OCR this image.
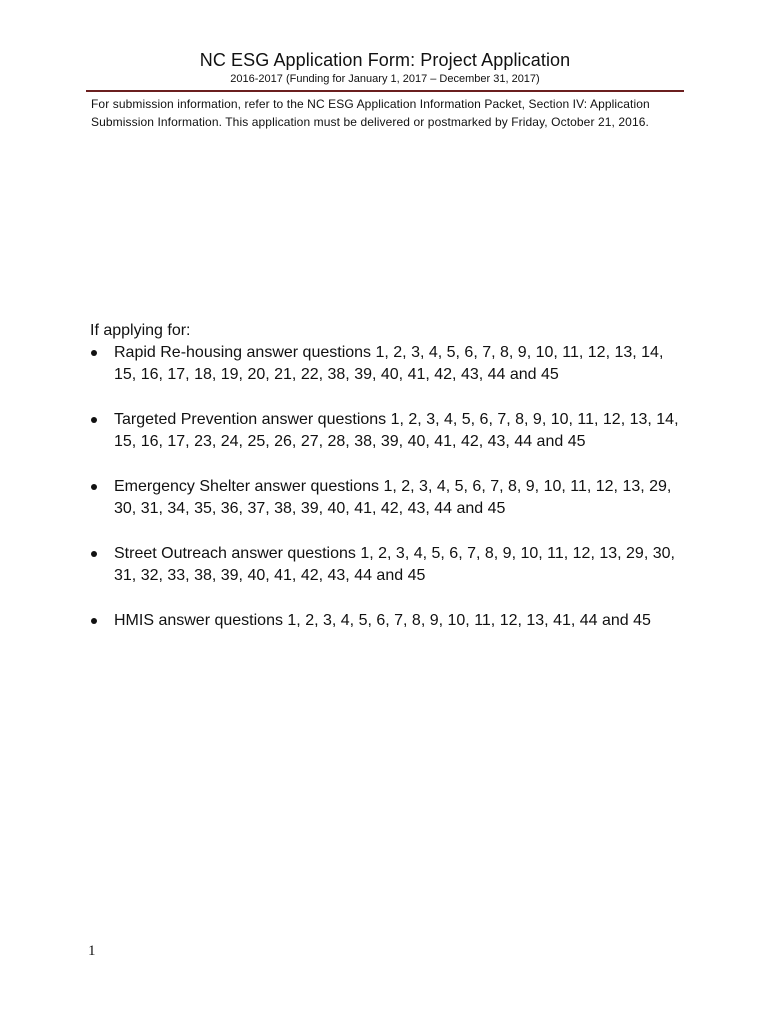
NC ESG Application Form: Project Application
2016-2017 (Funding for January 1, 2017 – December 31, 2017)
For submission information, refer to the NC ESG Application Information Packet, Section IV: Application Submission Information. This application must be delivered or postmarked by Friday, October 21, 2016.
If applying for:
Rapid Re-housing answer questions 1, 2, 3, 4, 5, 6, 7, 8, 9, 10, 11, 12, 13, 14, 15, 16, 17, 18, 19, 20, 21, 22, 38, 39, 40, 41, 42, 43, 44 and 45
Targeted Prevention answer questions 1, 2, 3, 4, 5, 6, 7, 8, 9, 10, 11, 12, 13, 14, 15, 16, 17, 23, 24, 25, 26, 27, 28, 38, 39, 40, 41, 42, 43, 44 and 45
Emergency Shelter answer questions 1, 2, 3, 4, 5, 6, 7, 8, 9, 10, 11, 12, 13, 29, 30, 31, 34, 35, 36, 37, 38, 39, 40, 41, 42, 43, 44 and 45
Street Outreach answer questions 1, 2, 3, 4, 5, 6, 7, 8, 9, 10, 11, 12, 13, 29, 30, 31, 32, 33, 38, 39, 40, 41, 42, 43, 44 and 45
HMIS answer questions 1, 2, 3, 4, 5, 6, 7, 8, 9, 10, 11, 12, 13, 41, 44 and 45
1
